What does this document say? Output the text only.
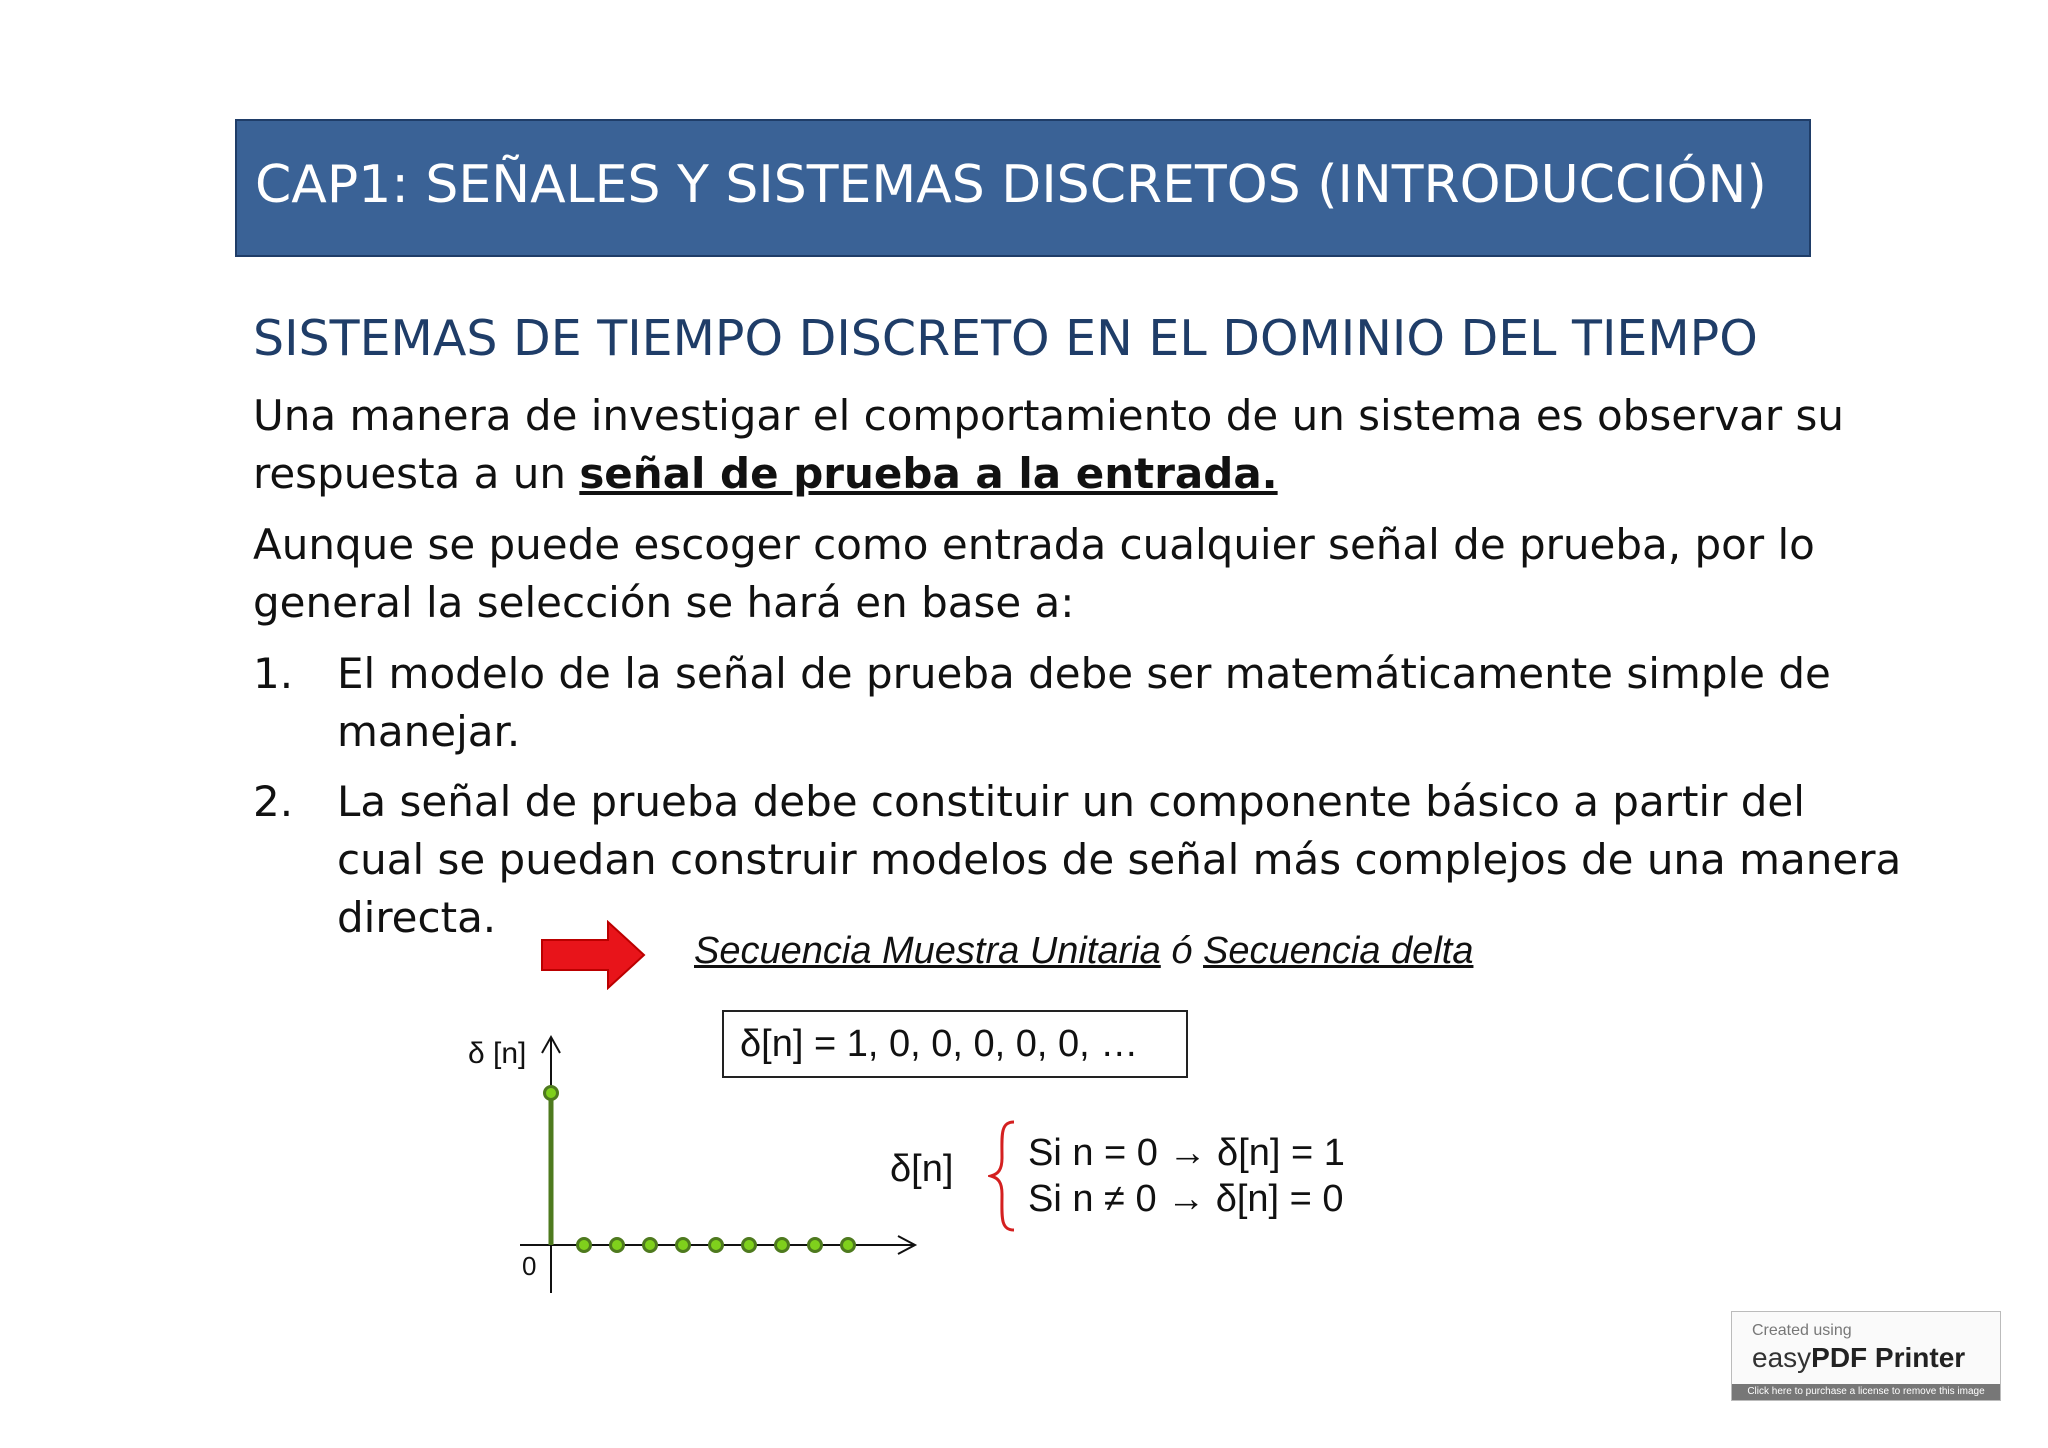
CAP1: SEÑALES Y SISTEMAS DISCRETOS (INTRODUCCIÓN)
SISTEMAS DE TIEMPO DISCRETO EN EL DOMINIO DEL TIEMPO
Una manera de investigar el comportamiento de un sistema es observar su
respuesta a un señal de prueba a la entrada.
Aunque se puede escoger como entrada cualquier señal de prueba, por lo
general la selección se hará en base a:
1. El modelo de la señal de prueba debe ser matemáticamente simple de
manejar.
2. La señal de prueba debe constituir un componente básico a partir del
cual se puedan construir modelos de señal más complejos de una manera
directa.
Secuencia Muestra Unitaria ó Secuencia delta
δ[n] = 1, 0, 0, 0, 0, 0, …
δ [n]
0
δ[n] Si n = 0 → δ[n] = 1
Si n ≠ 0 → δ[n] = 0
Created using
easyPDF Printer
Click here to purchase a license to remove this image
